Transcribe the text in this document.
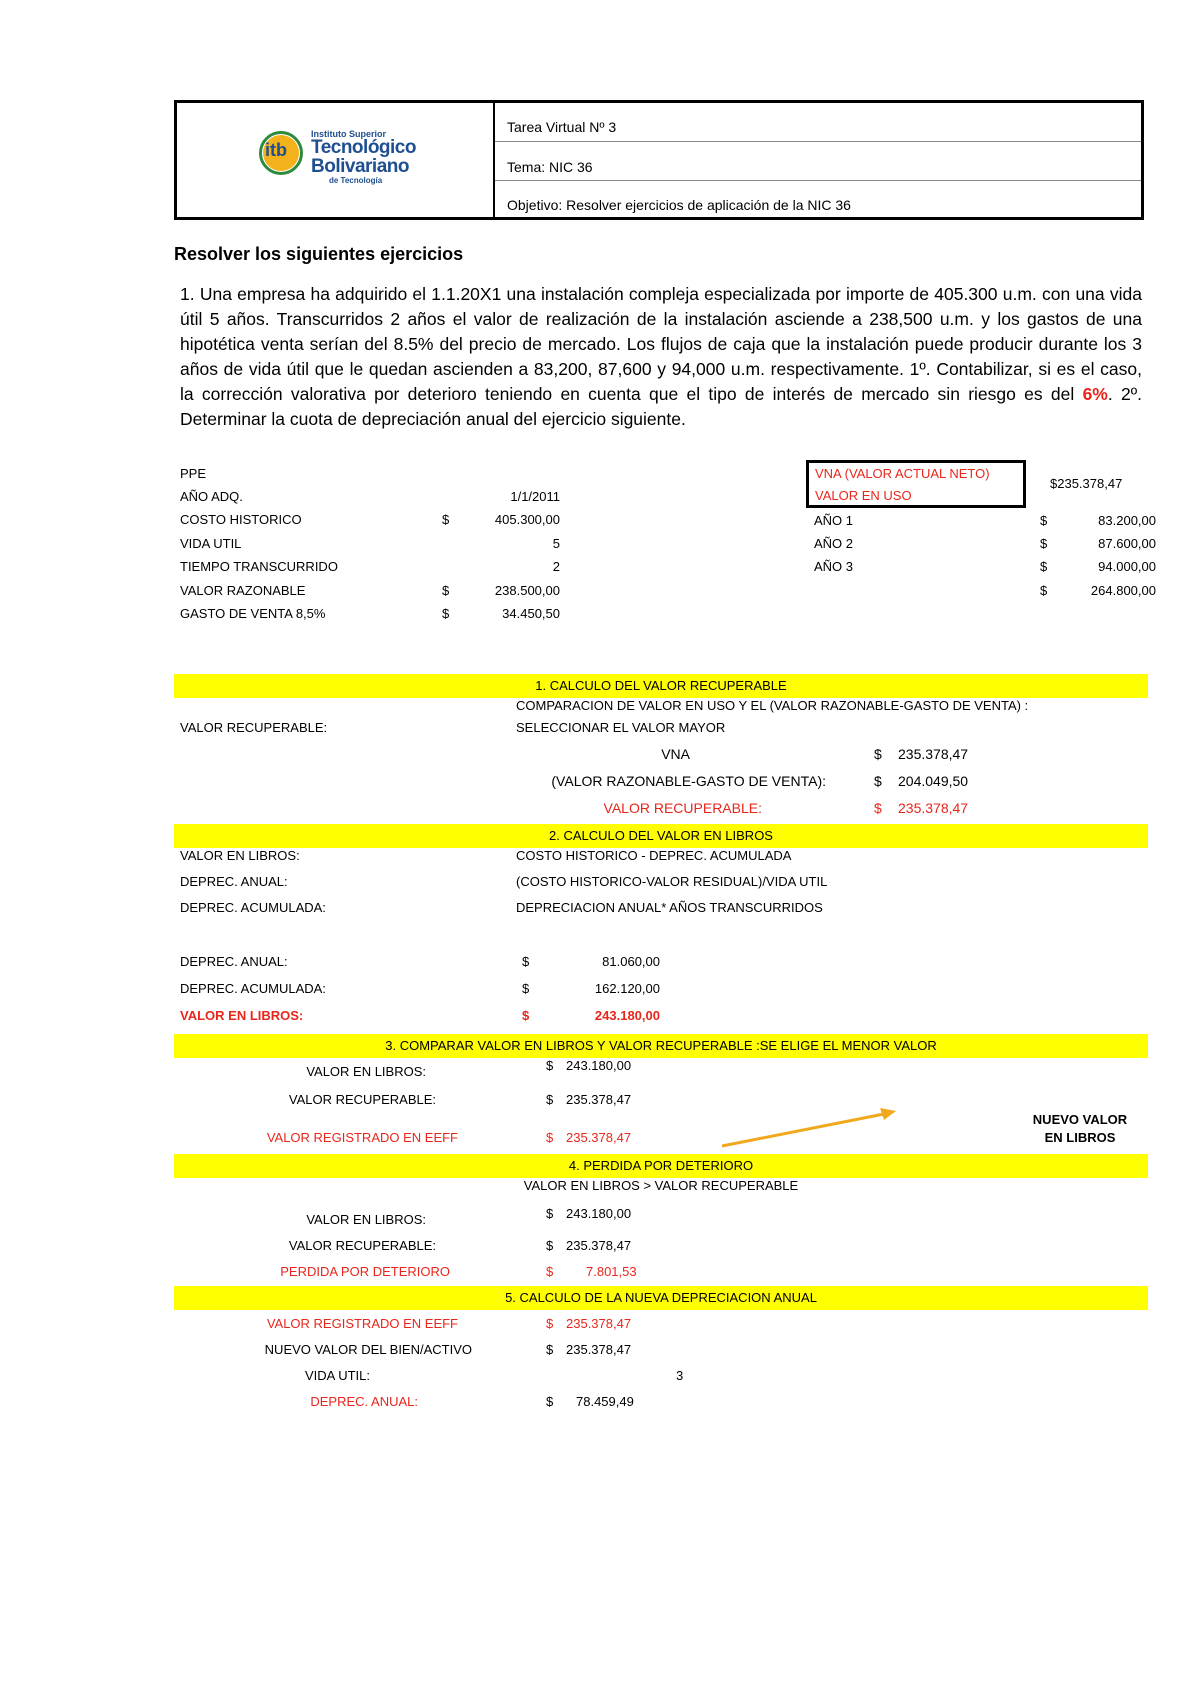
itb
Instituto Superior
Tecnológico
Bolivariano
de Tecnología
Tarea Virtual Nº 3
Tema: NIC 36
Objetivo: Resolver ejercicios de aplicación de la NIC 36
Resolver los siguientes ejercicios
1. Una empresa ha adquirido el 1.1.20X1 una instalación compleja especializada por importe de 405.300 u.m. con una vida útil 5 años. Transcurridos 2 años el valor de realización de la instalación asciende a 238,500 u.m. y los gastos de una hipotética venta serían del 8.5% del precio de mercado. Los flujos de caja que la instalación puede producir durante los 3 años de vida útil que le quedan ascienden a 83,200, 87,600 y 94,000 u.m. respectivamente. 1º. Contabilizar, si es el caso, la corrección valorativa por deterioro teniendo en cuenta que el tipo de interés de mercado sin riesgo es del 6%. 2º. Determinar la cuota de depreciación anual del ejercicio siguiente.
PPE
AÑO ADQ.	1/1/2011
COSTO HISTORICO	$	405.300,00
VIDA UTIL	5
TIEMPO TRANSCURRIDO	2
VALOR RAZONABLE	$	238.500,00
GASTO DE VENTA 8,5%	$	34.450,50
VNA (VALOR ACTUAL NETO)
VALOR EN USO
$235.378,47
AÑO 1	$	83.200,00
AÑO 2	$	87.600,00
AÑO 3	$	94.000,00
$	264.800,00
1. CALCULO DEL VALOR RECUPERABLE
VALOR RECUPERABLE:
COMPARACION DE VALOR EN USO Y EL (VALOR RAZONABLE-GASTO DE VENTA) :
SELECCIONAR EL VALOR MAYOR
VNA	$ 235.378,47
(VALOR RAZONABLE-GASTO DE VENTA):	$ 204.049,50
VALOR RECUPERABLE:	$ 235.378,47
2. CALCULO DEL VALOR EN LIBROS
VALOR EN LIBROS:	COSTO HISTORICO - DEPREC. ACUMULADA
DEPREC. ANUAL:	(COSTO HISTORICO-VALOR RESIDUAL)/VIDA UTIL
DEPREC. ACUMULADA:	DEPRECIACION ANUAL* AÑOS TRANSCURRIDOS
DEPREC. ANUAL:	$	81.060,00
DEPREC. ACUMULADA:	$	162.120,00
VALOR EN LIBROS:	$	243.180,00
3. COMPARAR VALOR EN LIBROS Y VALOR RECUPERABLE :SE ELIGE EL MENOR VALOR
VALOR EN LIBROS:	$ 243.180,00
VALOR RECUPERABLE:	$ 235.378,47
VALOR REGISTRADO EN EEFF	$ 235.378,47
NUEVO VALOR
EN LIBROS
4. PERDIDA POR DETERIORO
VALOR EN LIBROS > VALOR RECUPERABLE
VALOR EN LIBROS:	$ 243.180,00
VALOR RECUPERABLE:	$ 235.378,47
PERDIDA POR DETERIORO	$	7.801,53
5. CALCULO DE LA NUEVA DEPRECIACION ANUAL
VALOR REGISTRADO EN EEFF	$ 235.378,47
NUEVO VALOR DEL BIEN/ACTIVO	$ 235.378,47
VIDA UTIL:	3
DEPREC. ANUAL:	$ 78.459,49
